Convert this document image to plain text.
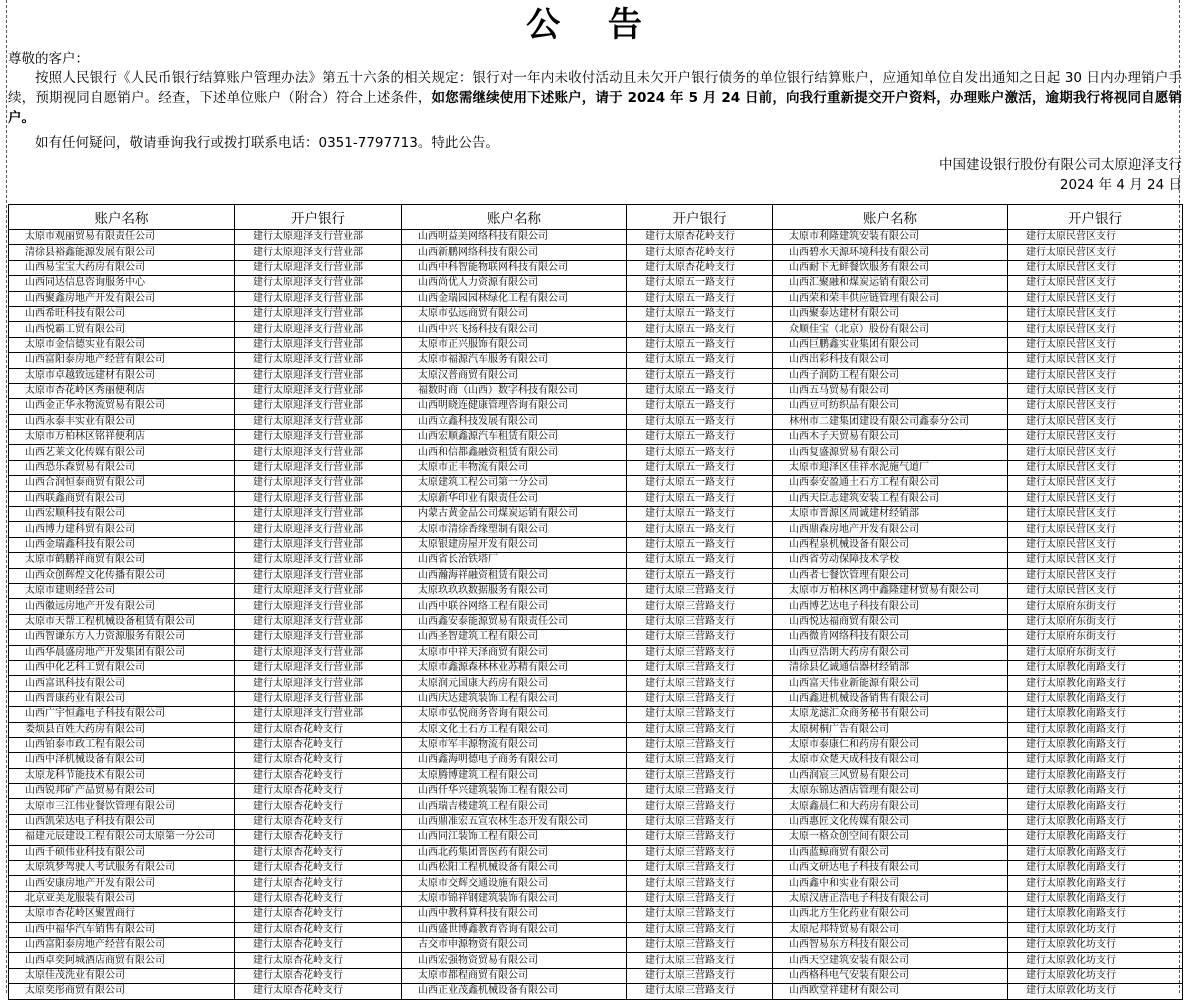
公 告
尊敬的客户：
按照人民银行《人民币银行结算账户管理办法》第五十六条的相关规定：银行对一年内未收付活动且未欠开户银行债务的单位银行结算账户，应通知单位自发出通知之日起 30 日内办理销户手续，预期视同自愿销户。经查，下述单位账户（附合）符合上述条件，如您需继续使用下述账户，请于 2024 年 5 月 24 日前，向我行重新提交开户资料，办理账户激活，逾期我行将视同自愿销户。
如有任何疑问，敬请垂询我行或拨打联系电话：0351-7797713。特此公告。
中国建设银行股份有限公司太原迎泽支行
2024 年 4 月 24 日
账户名称	开户银行	账户名称	开户银行	账户名称	开户银行
太原市观丽贸易有限责任公司	建行太原迎泽支行营业部	山西明益美网络科技有限公司	建行太原杏花岭支行	太原市利隆建筑安装有限公司	建行太原民营区支行
清徐县裕鑫能源发展有限公司	建行太原迎泽支行营业部	山西新鹏网络科技有限公司	建行太原杏花岭支行	山西碧水天源环境科技有限公司	建行太原民营区支行
山西易宝宝大药房有限公司	建行太原迎泽支行营业部	山西中科智能物联网科技有限公司	建行太原杏花岭支行	山西耐下无鲜餐饮服务有限公司	建行太原民营区支行
山西同达信息咨询服务中心	建行太原迎泽支行营业部	山西尚优人力资源有限公司	建行太原五一路支行	山西汇聚融和煤炭运销有限公司	建行太原民营区支行
山西聚鑫房地产开发有限公司	建行太原迎泽支行营业部	山西金瑞园园林绿化工程有限公司	建行太原五一路支行	山西荣和荣丰供应链管理有限公司	建行太原民营区支行
山西希旺科技有限公司	建行太原迎泽支行营业部	太原市弘远商贸有限公司	建行太原五一路支行	山西聚泰达建材有限公司	建行太原民营区支行
山西悦霸工贸有限公司	建行太原迎泽支行营业部	山西中兴飞扬科技有限公司	建行太原五一路支行	众顺佳宝（北京）股份有限公司	建行太原民营区支行
太原市金信德实业有限公司	建行太原迎泽支行营业部	太原市正兴服饰有限公司	建行太原五一路支行	山西巨鹏鑫实业集团有限公司	建行太原民营区支行
山西富阳泰房地产经营有限公司	建行太原迎泽支行营业部	太原市福源汽车服务有限公司	建行太原五一路支行	山西出彩科技有限公司	建行太原民营区支行
太原市卓越致远建材有限公司	建行太原迎泽支行营业部	太原汉普商贸有限公司	建行太原五一路支行	山西子润防工程有限公司	建行太原民营区支行
太原市杏花岭区秀丽便利店	建行太原迎泽支行营业部	福数时商（山西）数字科技有限公司	建行太原五一路支行	山西五马贸易有限公司	建行太原民营区支行
山西金正华永物流贸易有限公司	建行太原迎泽支行营业部	山西明晓连健康管理咨询有限公司	建行太原五一路支行	山西豆可纺织品有限公司	建行太原民营区支行
山西永泰丰实业有限公司	建行太原迎泽支行营业部	山西立鑫科技发展有限公司	建行太原五一路支行	林州市二建集团建设有限公司鑫泰分公司	建行太原民营区支行
太原市万柏林区铭祥便利店	建行太原迎泽支行营业部	山西宏顺鑫源汽车租赁有限公司	建行太原五一路支行	山西木子天贸易有限公司	建行太原民营区支行
山西艺莱文化传媒有限公司	建行太原迎泽支行营业部	山西和信都鑫融资租赁有限公司	建行太原五一路支行	山西复盛源贸易有限公司	建行太原民营区支行
山西恐乐森贸易有限公司	建行太原迎泽支行营业部	太原市正丰物流有限公司	建行太原五一路支行	太原市迎泽区佳祥水泥施气道厂	建行太原民营区支行
山西合润恒泰商贸有限公司	建行太原迎泽支行营业部	太原建筑工程公司第一分公司	建行太原五一路支行	山西泰安盈通土石方工程有限公司	建行太原民营区支行
山西联鑫商贸有限公司	建行太原迎泽支行营业部	太原新华印业有限责任公司	建行太原五一路支行	山西天臣志建筑安装工程有限公司	建行太原民营区支行
山西宏顺科技有限公司	建行太原迎泽支行营业部	内蒙古黄金品公司煤炭运销有限公司	建行太原五一路支行	太原市晋源区周诚建材经销部	建行太原民营区支行
山西博力建科贸有限公司	建行太原迎泽支行营业部	太原市清徐香缘塑制有限公司	建行太原五一路支行	山西鼎森房地产开发有限公司	建行太原民营区支行
山西金瑞鑫科技有限公司	建行太原迎泽支行营业部	太原银建房屋开发有限公司	建行太原五一路支行	山西程泉机械设备有限公司	建行太原民营区支行
太原市鹤鹏祥商贸有限公司	建行太原迎泽支行营业部	山西省长治铁塔厂	建行太原五一路支行	山西省劳动保障技术学校	建行太原民营区支行
山西众创辉煌文化传播有限公司	建行太原迎泽支行营业部	山西瀚海祥融资租赁有限公司	建行太原五一路支行	山西者七餐饮管理有限公司	建行太原民营区支行
太原市建则经营公司	建行太原迎泽支行营业部	太原玖玖玖数据服务有限公司	建行太原三营路支行	太原市万柏林区鸿中鑫隆建材贸易有限公司	建行太原民营区支行
山西徽远房地产开发有限公司	建行太原迎泽支行营业部	山西中联谷网络工程有限公司	建行太原三营路支行	山西博艺达电子科技有限公司	建行太原府东街支行
太原市天帮工程机械设备租赁有限公司	建行太原迎泽支行营业部	山西鑫安泰能源贸易有限责任公司	建行太原三营路支行	山西悦达福商贸有限公司	建行太原府东街支行
山西智谦东方人力资源服务有限公司	建行太原迎泽支行营业部	山西圣智建筑工程有限公司	建行太原三营路支行	山西微肯网络科技有限公司	建行太原府东街支行
山西华晨盛房地产开发集团有限公司	建行太原迎泽支行营业部	太原市中祥天泽商贸有限公司	建行太原三营路支行	山西豆浩朗大药房有限公司	建行太原府东街支行
山西中化艺科工贸有限公司	建行太原迎泽支行营业部	太原市鑫源森林林业苏精有限公司	建行太原三营路支行	清徐县亿诚通信器材经销部	建行太原教化南路支行
山西富讯科技有限公司	建行太原迎泽支行营业部	太原润元国康大药房有限公司	建行太原三营路支行	山西富天伟业新能源有限公司	建行太原教化南路支行
山西晋康药业有限公司	建行太原迎泽支行营业部	山西庆达建筑装饰工程有限公司	建行太原三营路支行	山西鑫进机械设备销售有限公司	建行太原教化南路支行
山西广宇恒鑫电子科技有限公司	建行太原迎泽支行营业部	太原市弘悦商务咨询有限公司	建行太原三营路支行	太原龙滤汇众商务秘书有限公司	建行太原教化南路支行
娄烦县百姓大药房有限公司	建行太原杏花岭支行	太原文化土石方工程有限公司	建行太原三营路支行	太原树桐广告有限公司	建行太原教化南路支行
山西铂泰市政工程有限公司	建行太原杏花岭支行	太原市军丰源物流有限公司	建行太原三营路支行	太原市泰康仁和药房有限公司	建行太原教化南路支行
山西中泽机械设备有限公司	建行太原杏花岭支行	山西鑫海明德电子商务有限公司	建行太原三营路支行	太原市众楚天成科技有限公司	建行太原教化南路支行
太原龙科节能技术有限公司	建行太原杏花岭支行	太原腾博建筑工程有限公司	建行太原三营路支行	山西润宸三风贸易有限公司	建行太原教化南路支行
山西锐邦矿产品贸易有限公司	建行太原杏花岭支行	山西仟华兴建筑装饰工程有限公司	建行太原三营路支行	太原东锦达酒店管理有限公司	建行太原教化南路支行
太原市三江伟业餐饮管理有限公司	建行太原杏花岭支行	山西瑞吉楼建筑工程有限公司	建行太原三营路支行	太原鑫晨仁和大药房有限公司	建行太原教化南路支行
山西凯荣达电子科技有限公司	建行太原杏花岭支行	山西鼎准宏五宣农林生态开发有限公司	建行太原三营路支行	山西惠匠文化传媒有限公司	建行太原教化南路支行
福建元辰建设工程有限公司太原第一分公司	建行太原杏花岭支行	山西同江装饰工程有限公司	建行太原三营路支行	太原一格众创空间有限公司	建行太原教化南路支行
山西千硕伟业科技有限公司	建行太原杏花岭支行	山西北药集团晋医药有限公司	建行太原三营路支行	山西蓝鲸商贸有限公司	建行太原教化南路支行
太原筑梦驾驶人考试服务有限公司	建行太原杏花岭支行	山西松阳工程机械设备有限公司	建行太原三营路支行	山西文研达电子科技有限公司	建行太原教化南路支行
山西安康房地产开发有限公司	建行太原杏花岭支行	太原市交辉交通设施有限公司	建行太原三营路支行	山西鑫中和实业有限公司	建行太原教化南路支行
北京亚美龙服装有限公司	建行太原杏花岭支行	太原市锦祥钢建筑装饰有限公司	建行太原三营路支行	太原汉唐正浩电子科技有限公司	建行太原教化南路支行
太原市杏花岭区聚置商行	建行太原杏花岭支行	山西中教科算科技有限公司	建行太原三营路支行	山西北方生化药业有限公司	建行太原教化南路支行
山西中福华汽车销售有限公司	建行太原杏花岭支行	山西盛世博鑫教育咨询有限公司	建行太原三营路支行	太原尼邦特贸易有限公司	建行太原敦化坊支行
山西富阳泰房地产经营有限公司	建行太原杏花岭支行	古交市申源物资有限公司	建行太原三营路支行	山西智易东方科技有限公司	建行太原敦化坊支行
山西卓奕阿城酒店商贸有限公司	建行太原杏花岭支行	山西宏强物资贸易有限公司	建行太原三营路支行	山西天空建筑安装有限公司	建行太原敦化坊支行
太原佳茂洗业有限公司	建行太原杏花岭支行	太原市都程商贸有限公司	建行太原三营路支行	山西格科电气安装有限公司	建行太原敦化坊支行
太原奕彤商贸有限公司	建行太原杏花岭支行	山西正业茂鑫机械设备有限公司	建行太原三营路支行	山西欧堂祥建材有限公司	建行太原敦化坊支行
